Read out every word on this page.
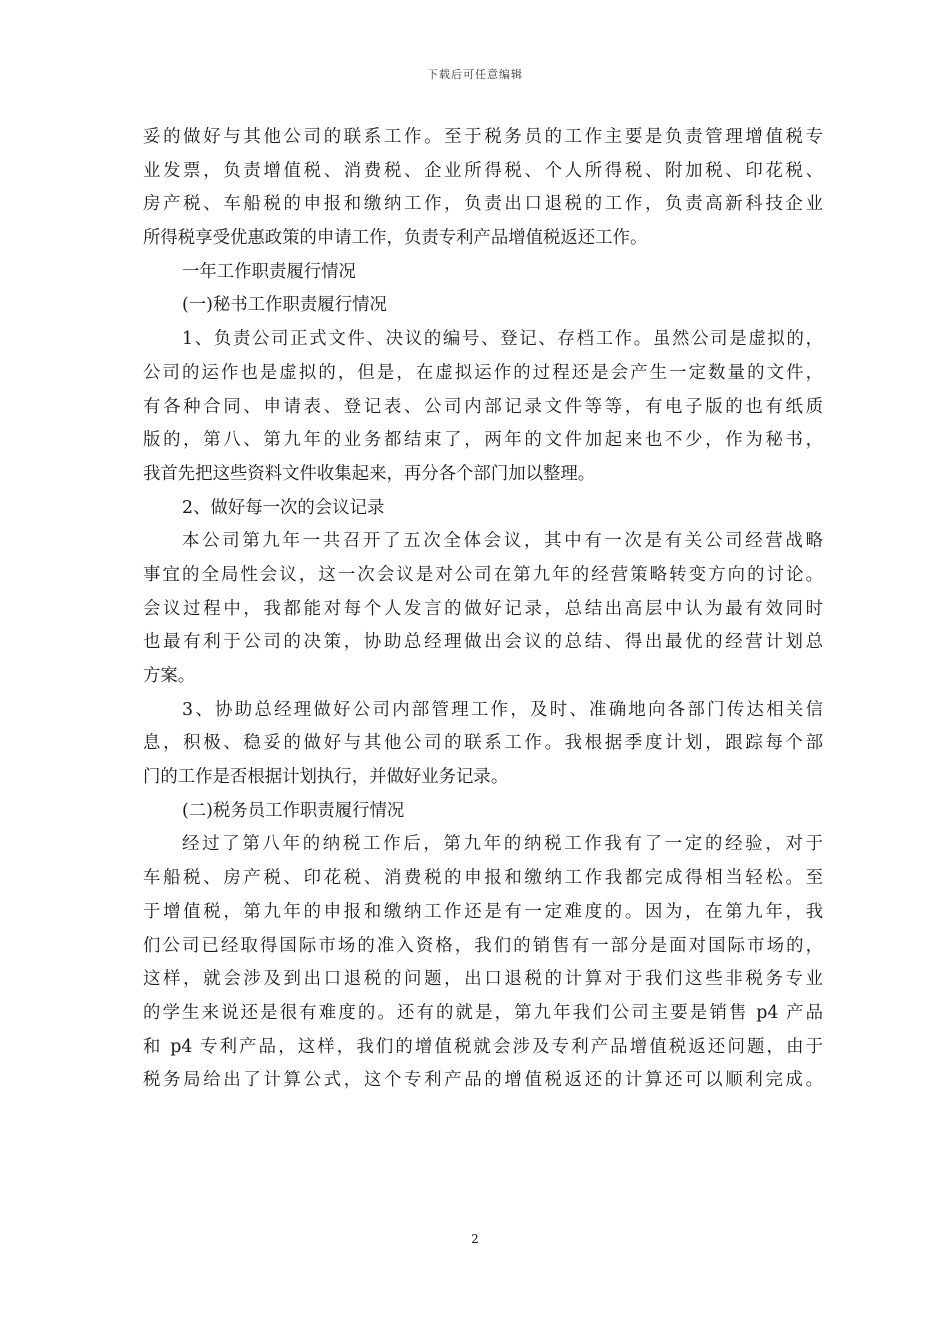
下载后可任意编辑
妥的做好与其他公司的联系工作。至于税务员的工作主要是负责管理增值税专
业发票，负责增值税、消费税、企业所得税、个人所得税、附加税、印花税、
房产税、车船税的申报和缴纳工作，负责出口退税的工作，负责高新科技企业
所得税享受优惠政策的申请工作，负责专利产品增值税返还工作。
一年工作职责履行情况
(一)秘书工作职责履行情况
1、负责公司正式文件、决议的编号、登记、存档工作。虽然公司是虚拟的，
公司的运作也是虚拟的，但是，在虚拟运作的过程还是会产生一定数量的文件，
有各种合同、申请表、登记表、公司内部记录文件等等，有电子版的也有纸质
版的，第八、第九年的业务都结束了，两年的文件加起来也不少，作为秘书，
我首先把这些资料文件收集起来，再分各个部门加以整理。
2、做好每一次的会议记录
本公司第九年一共召开了五次全体会议，其中有一次是有关公司经营战略
事宜的全局性会议，这一次会议是对公司在第九年的经营策略转变方向的讨论。
会议过程中，我都能对每个人发言的做好记录，总结出高层中认为最有效同时
也最有利于公司的决策，协助总经理做出会议的总结、得出最优的经营计划总
方案。
3、协助总经理做好公司内部管理工作，及时、准确地向各部门传达相关信
息，积极、稳妥的做好与其他公司的联系工作。我根据季度计划，跟踪每个部
门的工作是否根据计划执行，并做好业务记录。
(二)税务员工作职责履行情况
经过了第八年的纳税工作后，第九年的纳税工作我有了一定的经验，对于
车船税、房产税、印花税、消费税的申报和缴纳工作我都完成得相当轻松。至
于增值税，第九年的申报和缴纳工作还是有一定难度的。因为，在第九年，我
们公司已经取得国际市场的准入资格，我们的销售有一部分是面对国际市场的，
这样，就会涉及到出口退税的问题，出口退税的计算对于我们这些非税务专业
的学生来说还是很有难度的。还有的就是，第九年我们公司主要是销售 p4 产品
和 p4 专利产品，这样，我们的增值税就会涉及专利产品增值税返还问题，由于
税务局给出了计算公式，这个专利产品的增值税返还的计算还可以顺利完成。
2
